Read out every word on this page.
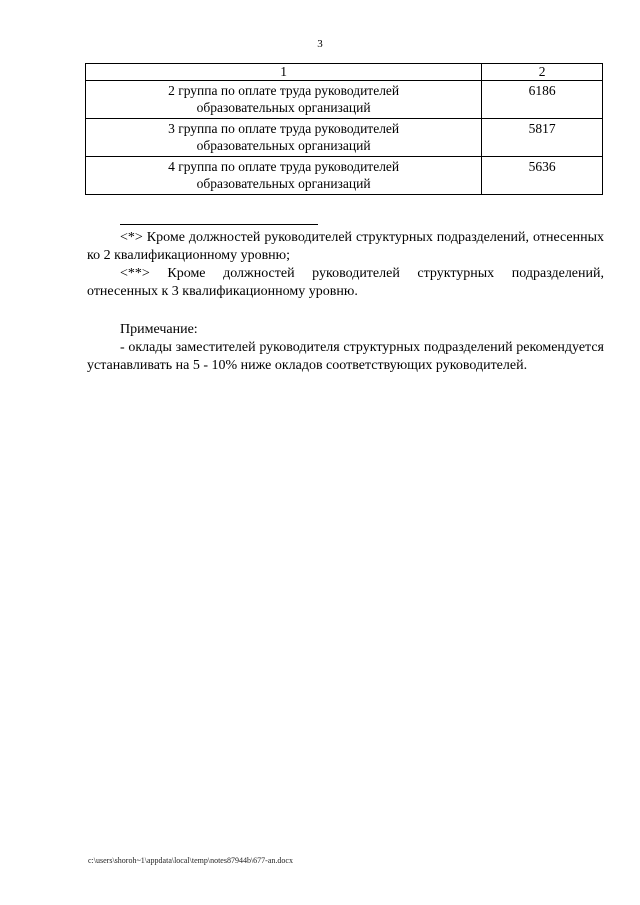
3
1	2

2 группа по оплате труда руководителей
образовательных организаций	6186

3 группа по оплате труда руководителей
образовательных организаций	5817

4 группа по оплате труда руководителей
образовательных организаций	5636

<*> Кроме должностей руководителей структурных подразделений, отнесенных ко 2 квалификационному уровню;

<**> Кроме должностей руководителей структурных подразделений, отнесенных к 3 квалификационному уровню.

Примечание:

- оклады заместителей руководителя структурных подразделений рекомендуется устанавливать на 5 - 10% ниже окладов соответствующих руководителей.

c:\users\shoroh~1\appdata\local\temp\notes87944b\677-an.docx
